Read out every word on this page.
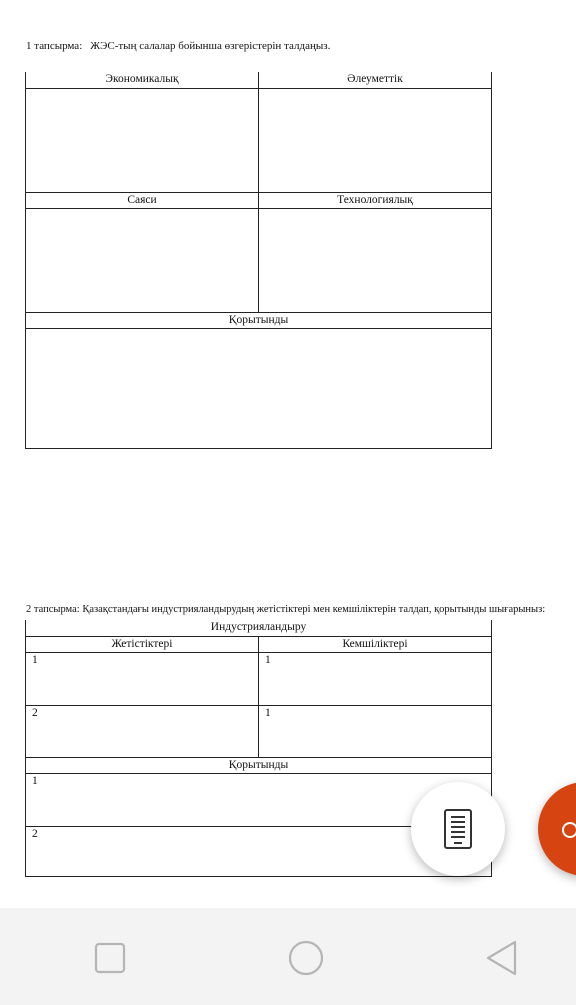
1 тапсырма: ЖЭС-тың салалар бойынша өзгерістерін талдаңыз.
Экономикалық	Әлеуметтік
Саяси	Технологиялық
Қорытынды
2 тапсырма: Қазақстандағы индустрияландырудың жетістіктері мен кемшіліктерін талдап, қорытынды шығарыныз:
Индустрияландыру
Жетістіктері	Кемшіліктері
1	1
2	1
Қорытынды
1
2
